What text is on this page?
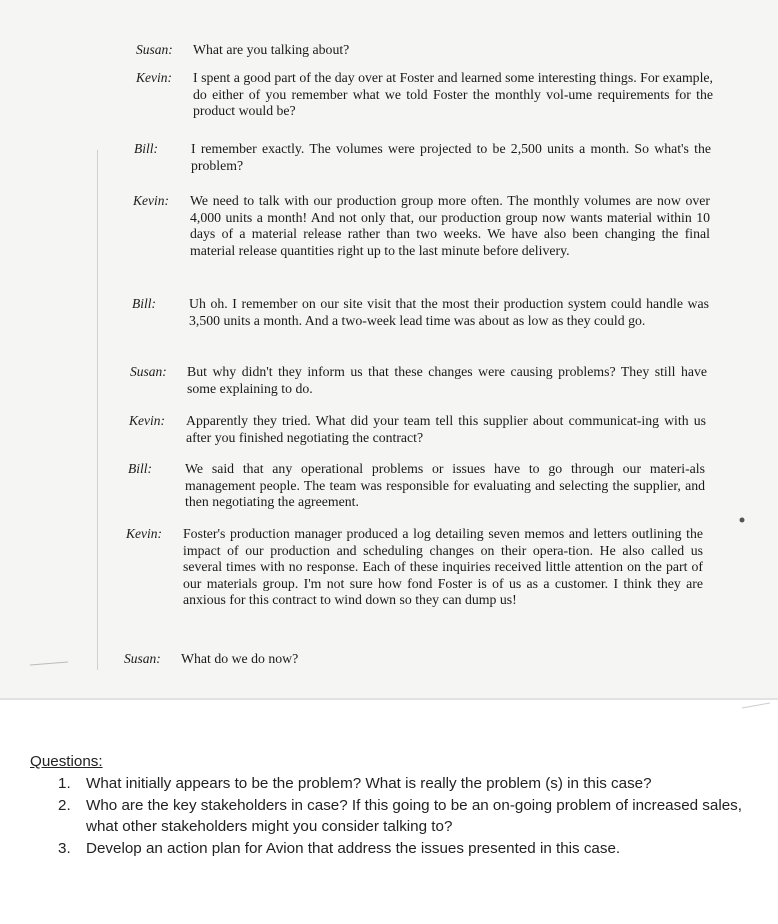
Susan:	What are you talking about?
Kevin:	I spent a good part of the day over at Foster and learned some interesting things. For example, do either of you remember what we told Foster the monthly vol-ume requirements for the product would be?
Bill:	I remember exactly. The volumes were projected to be 2,500 units a month. So what's the problem?
Kevin:	We need to talk with our production group more often. The monthly volumes are now over 4,000 units a month! And not only that, our production group now wants material within 10 days of a material release rather than two weeks. We have also been changing the final material release quantities right up to the last minute before delivery.
Bill:	Uh oh. I remember on our site visit that the most their production system could handle was 3,500 units a month. And a two-week lead time was about as low as they could go.
Susan:	But why didn't they inform us that these changes were causing problems? They still have some explaining to do.
Kevin:	Apparently they tried. What did your team tell this supplier about communicat-ing with us after you finished negotiating the contract?
Bill:	We said that any operational problems or issues have to go through our materi-als management people. The team was responsible for evaluating and selecting the supplier, and then negotiating the agreement.
Kevin:	Foster's production manager produced a log detailing seven memos and letters outlining the impact of our production and scheduling changes on their opera-tion. He also called us several times with no response. Each of these inquiries received little attention on the part of our materials group. I'm not sure how fond Foster is of us as a customer. I think they are anxious for this contract to wind down so they can dump us!
Susan:	What do we do now?
Questions:
1. What initially appears to be the problem? What is really the problem (s) in this case?
2. Who are the key stakeholders in case? If this going to be an on-going problem of increased sales, what other stakeholders might you consider talking to?
3. Develop an action plan for Avion that address the issues presented in this case.
